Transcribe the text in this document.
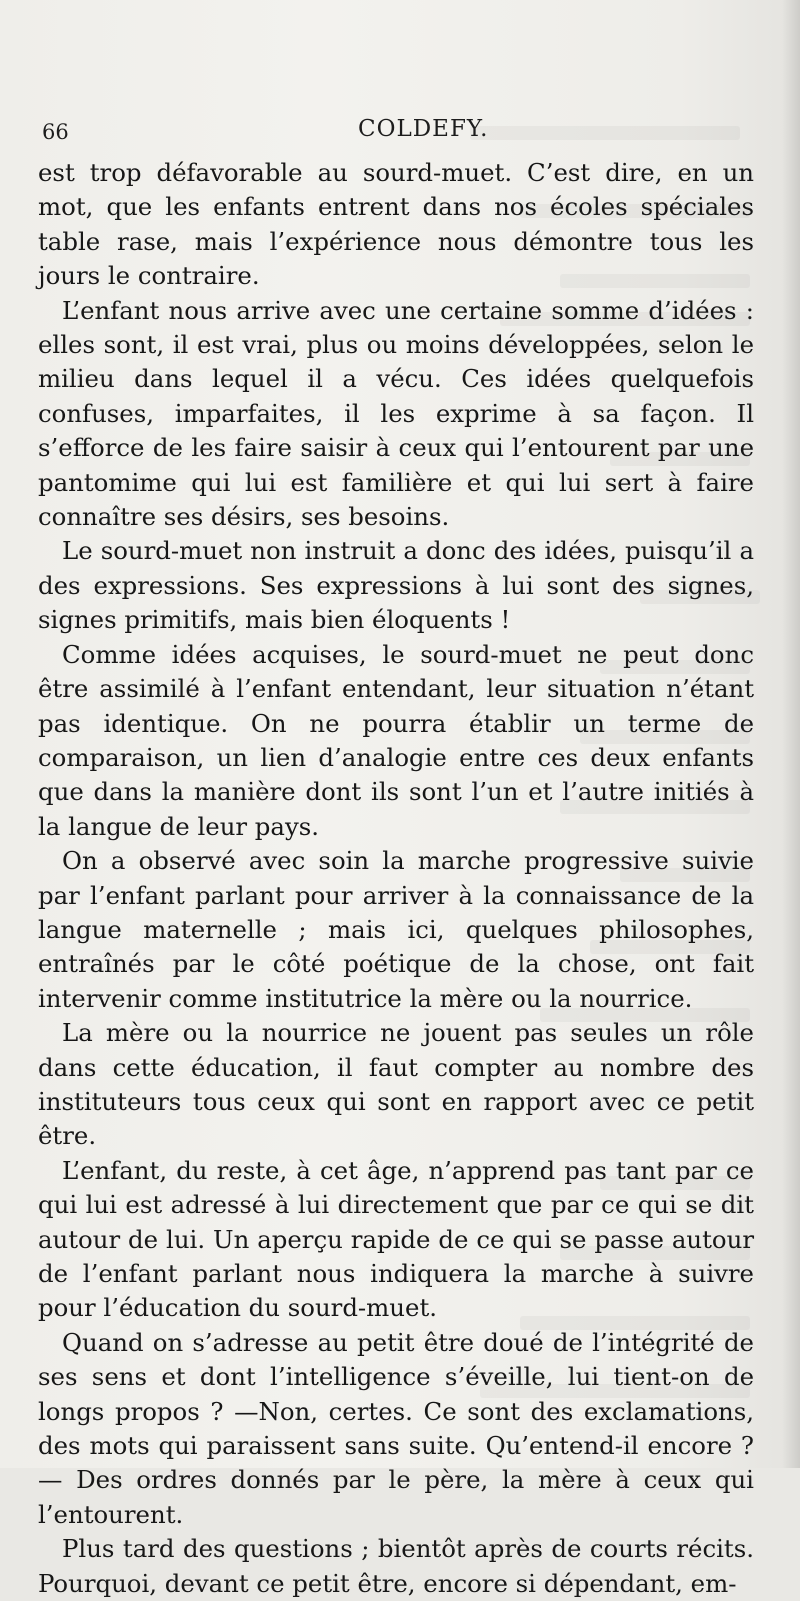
66	COLDEFY.

est trop défavorable au sourd-muet. C’est dire, en un mot, que les enfants entrent dans nos écoles spéciales table rase, mais l’expérience nous démontre tous les jours le contraire.

L’enfant nous arrive avec une certaine somme d’idées : elles sont, il est vrai, plus ou moins développées, selon le milieu dans lequel il a vécu. Ces idées quelquefois confuses, imparfaites, il les exprime à sa façon. Il s’efforce de les faire saisir à ceux qui l’entourent par une pantomime qui lui est familière et qui lui sert à faire connaître ses désirs, ses besoins.

Le sourd-muet non instruit a donc des idées, puisqu’il a des expressions. Ses expressions à lui sont des signes, signes primitifs, mais bien éloquents !

Comme idées acquises, le sourd-muet ne peut donc être assimilé à l’enfant entendant, leur situation n’étant pas identique. On ne pourra établir un terme de comparaison, un lien d’analogie entre ces deux enfants que dans la manière dont ils sont l’un et l’autre initiés à la langue de leur pays.

On a observé avec soin la marche progressive suivie par l’enfant parlant pour arriver à la connaissance de la langue maternelle ; mais ici, quelques philosophes, entraînés par le côté poétique de la chose, ont fait intervenir comme institutrice la mère ou la nourrice.

La mère ou la nourrice ne jouent pas seules un rôle dans cette éducation, il faut compter au nombre des instituteurs tous ceux qui sont en rapport avec ce petit être.

L’enfant, du reste, à cet âge, n’apprend pas tant par ce qui lui est adressé à lui directement que par ce qui se dit autour de lui. Un aperçu rapide de ce qui se passe autour de l’enfant parlant nous indiquera la marche à suivre pour l’éducation du sourd-muet.

Quand on s’adresse au petit être doué de l’intégrité de ses sens et dont l’intelligence s’éveille, lui tient-on de longs propos ? —Non, certes. Ce sont des exclamations, des mots qui paraissent sans suite. Qu’entend-il encore ? — Des ordres donnés par le père, la mère à ceux qui l’entourent.

Plus tard des questions ; bientôt après de courts récits. Pourquoi, devant ce petit être, encore si dépendant, em-
